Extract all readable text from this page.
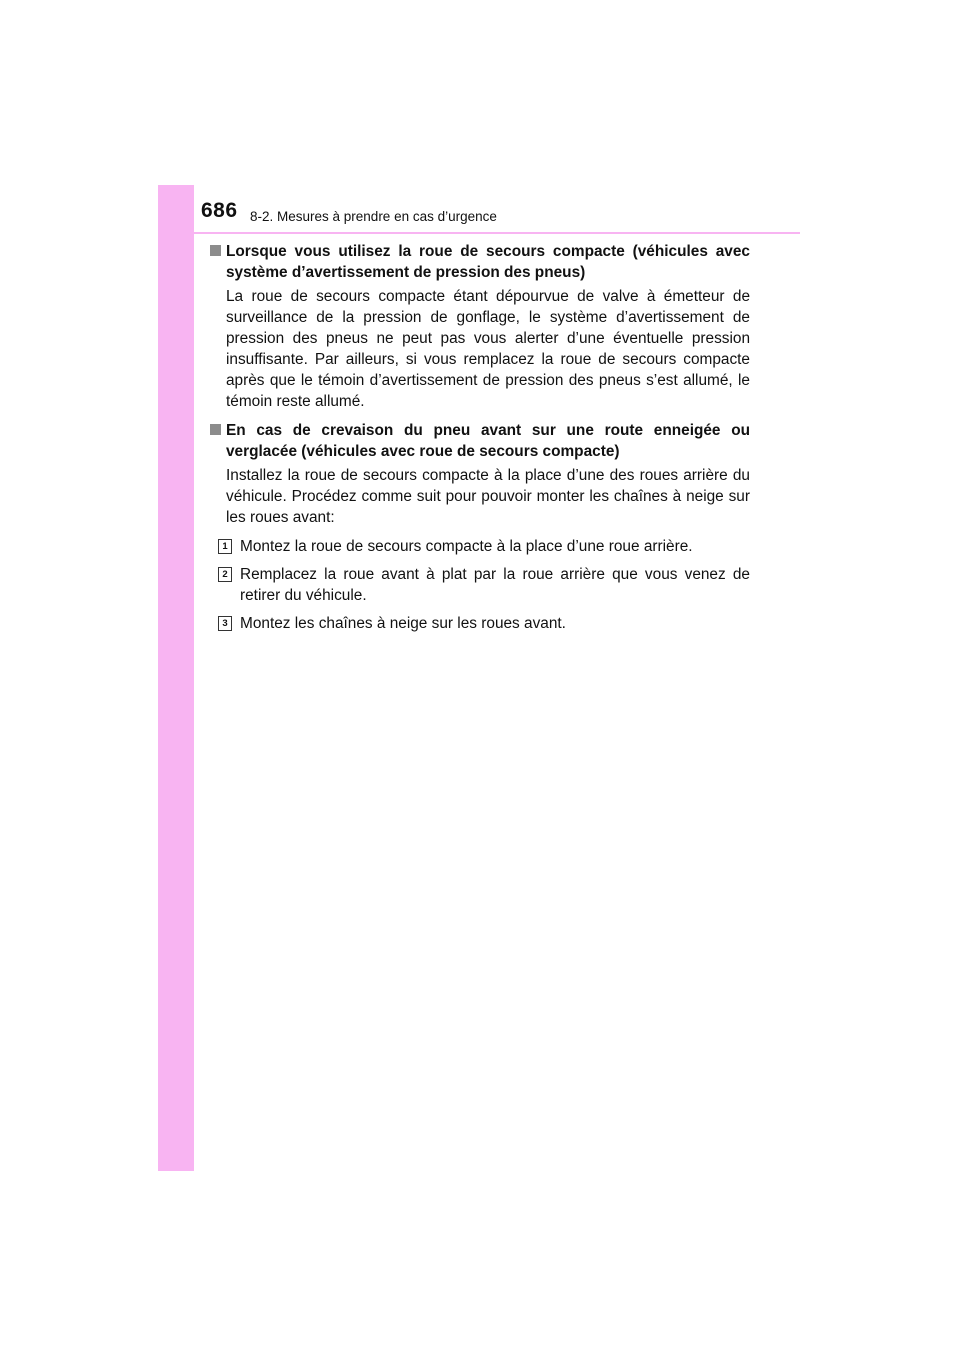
686 8-2. Mesures à prendre en cas d’urgence

Lorsque vous utilisez la roue de secours compacte (véhicules avec système d’avertissement de pression des pneus)

La roue de secours compacte étant dépourvue de valve à émetteur de surveillance de la pression de gonflage, le système d’avertissement de pression des pneus ne peut pas vous alerter d’une éventuelle pression insuffisante. Par ailleurs, si vous remplacez la roue de secours compacte après que le témoin d’avertissement de pression des pneus s’est allumé, le témoin reste allumé.

En cas de crevaison du pneu avant sur une route enneigée ou verglacée (véhicules avec roue de secours compacte)

Installez la roue de secours compacte à la place d’une des roues arrière du véhicule. Procédez comme suit pour pouvoir monter les chaînes à neige sur les roues avant:

1 Montez la roue de secours compacte à la place d’une roue arrière.
2 Remplacez la roue avant à plat par la roue arrière que vous venez de retirer du véhicule.
3 Montez les chaînes à neige sur les roues avant.
